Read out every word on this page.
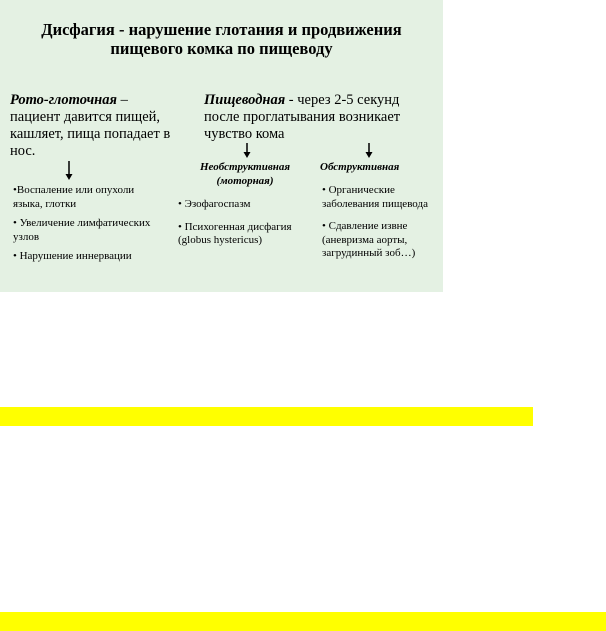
Дисфагия - нарушение глотания и продвижения
пищевого комка по пищеводу
Рото-глоточная – пациент давится пищей, кашляет, пища попадает в нос.
•Воспаление или опухоли языка, глотки
• Увеличение лимфатических узлов
• Нарушение иннервации
Пищеводная - через 2-5 секунд после проглатывания возникает чувство кома
Необструктивная
(моторная)
Обструктивная
• Эзофагоспазм
• Психогенная дисфагия (globus hystericus)
• Органические заболевания пищевода
• Сдавление извне (аневризма аорты, загрудинный зоб…)
